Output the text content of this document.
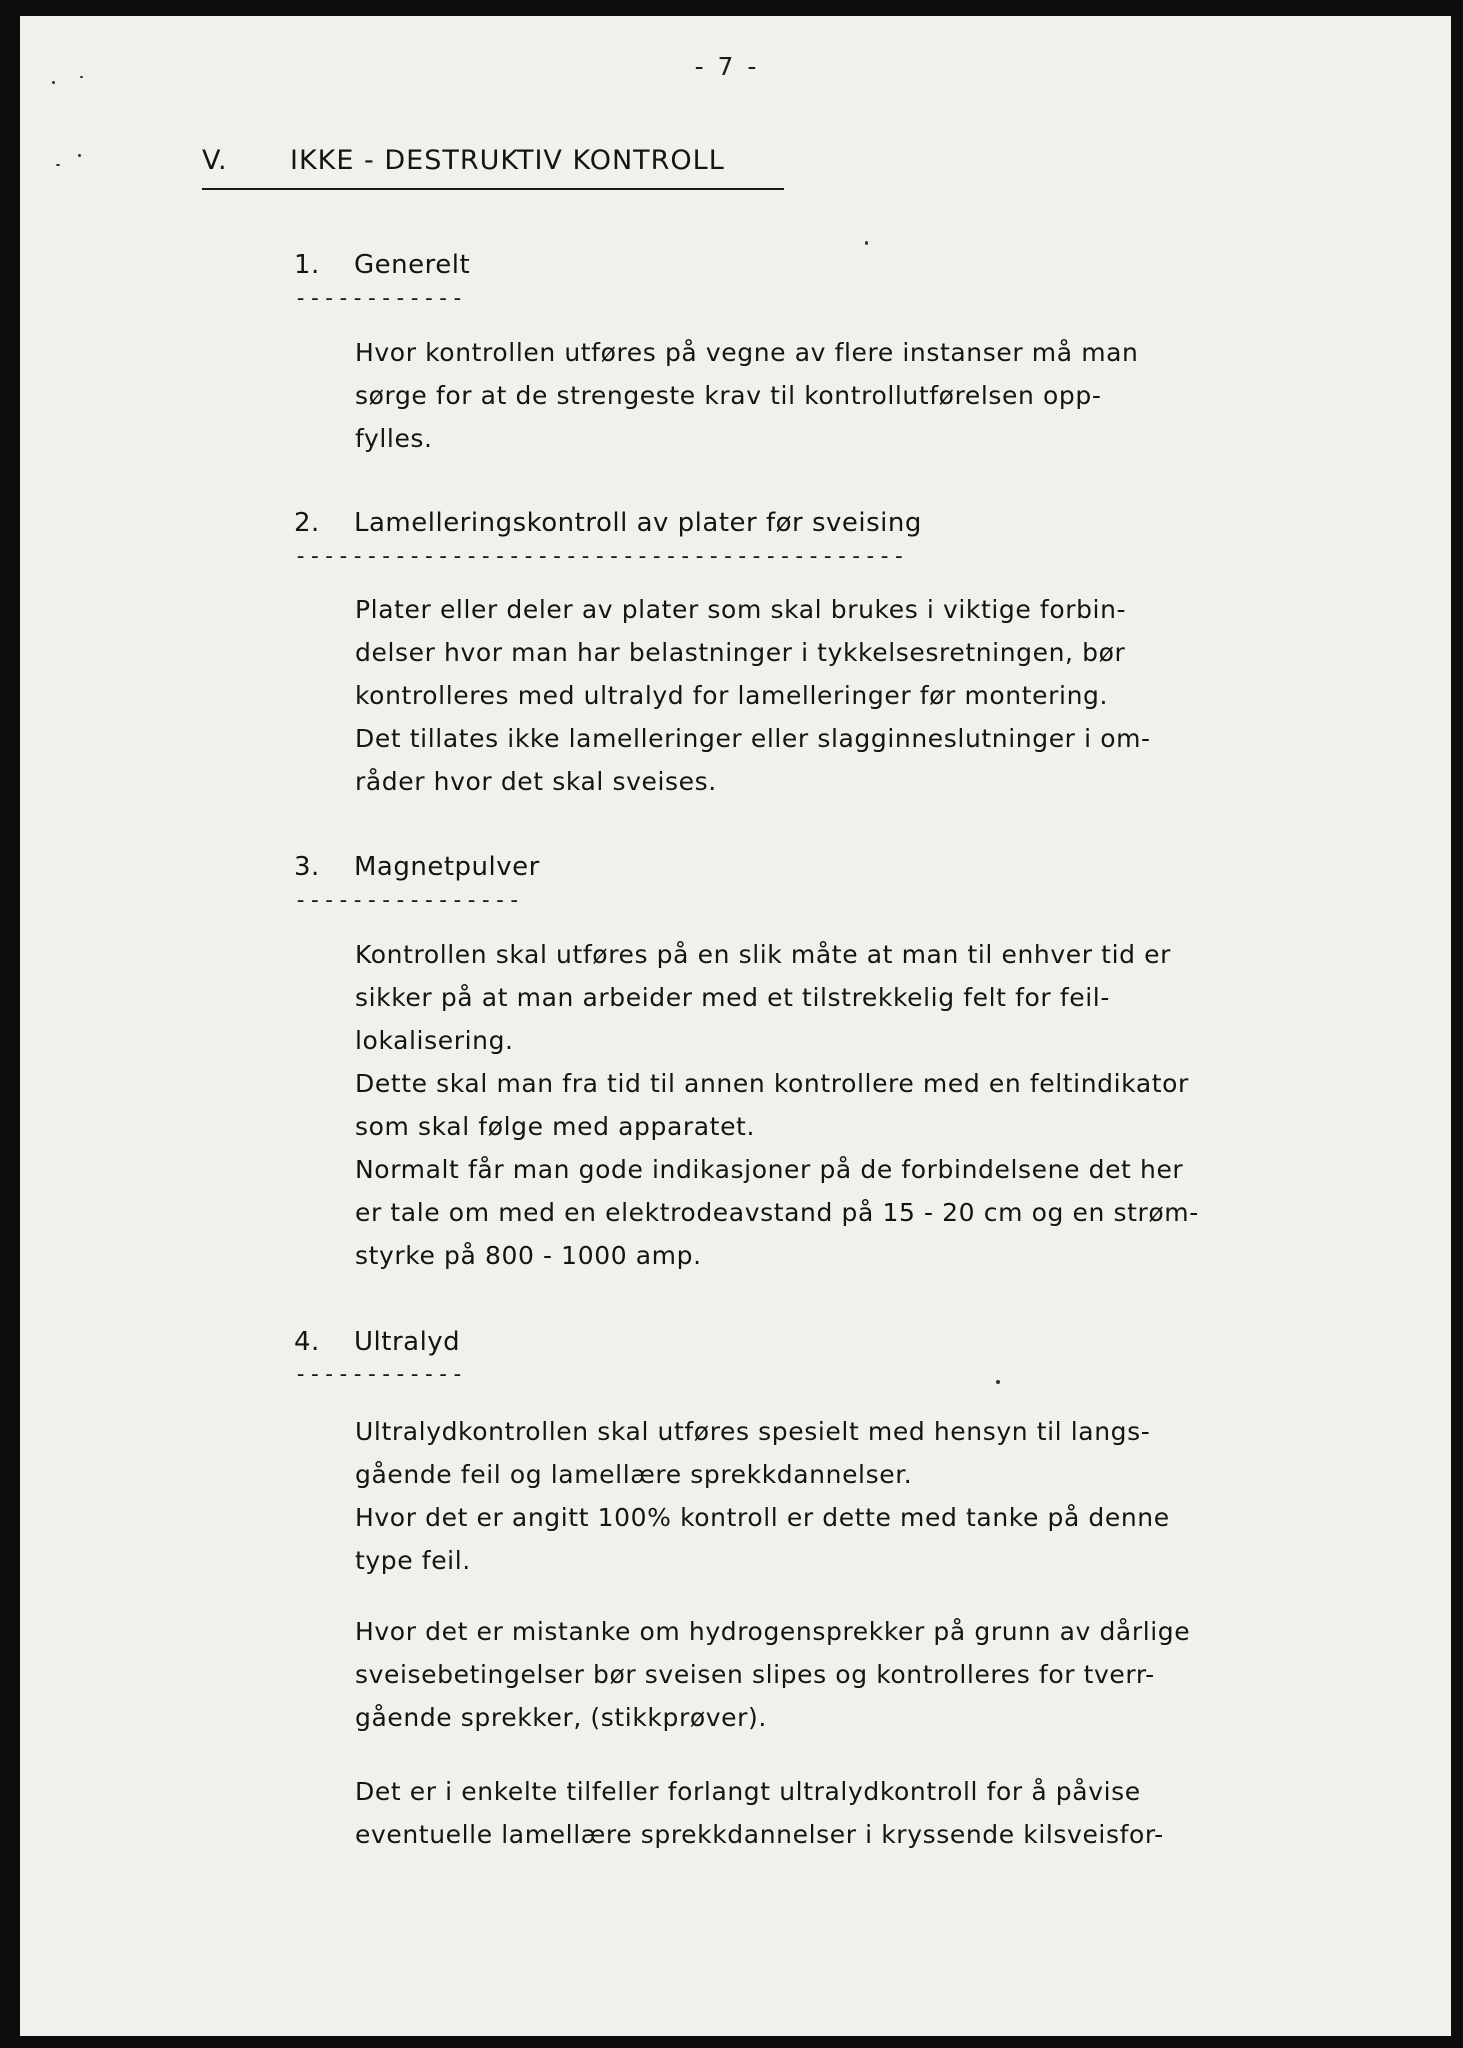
- 7 -
V. IKKE - DESTRUKTIV KONTROLL
1. Generelt
------------
Hvor kontrollen utføres på vegne av flere instanser må man
sørge for at de strengeste krav til kontrollutførelsen opp-
fylles.
2. Lamelleringskontroll av plater før sveising
-------------------------------------------
Plater eller deler av plater som skal brukes i viktige forbin-
delser hvor man har belastninger i tykkelsesretningen, bør
kontrolleres med ultralyd for lamelleringer før montering.
Det tillates ikke lamelleringer eller slagginneslutninger i om-
råder hvor det skal sveises.
3. Magnetpulver
----------------
Kontrollen skal utføres på en slik måte at man til enhver tid er
sikker på at man arbeider med et tilstrekkelig felt for feil-
lokalisering.
Dette skal man fra tid til annen kontrollere med en feltindikator
som skal følge med apparatet.
Normalt får man gode indikasjoner på de forbindelsene det her
er tale om med en elektrodeavstand på 15 - 20 cm og en strøm-
styrke på 800 - 1000 amp.
4. Ultralyd
------------
Ultralydkontrollen skal utføres spesielt med hensyn til langs-
gående feil og lamellære sprekkdannelser.
Hvor det er angitt 100% kontroll er dette med tanke på denne
type feil.
Hvor det er mistanke om hydrogensprekker på grunn av dårlige
sveisebetingelser bør sveisen slipes og kontrolleres for tverr-
gående sprekker, (stikkprøver).
Det er i enkelte tilfeller forlangt ultralydkontroll for å påvise
eventuelle lamellære sprekkdannelser i kryssende kilsveisfor-
